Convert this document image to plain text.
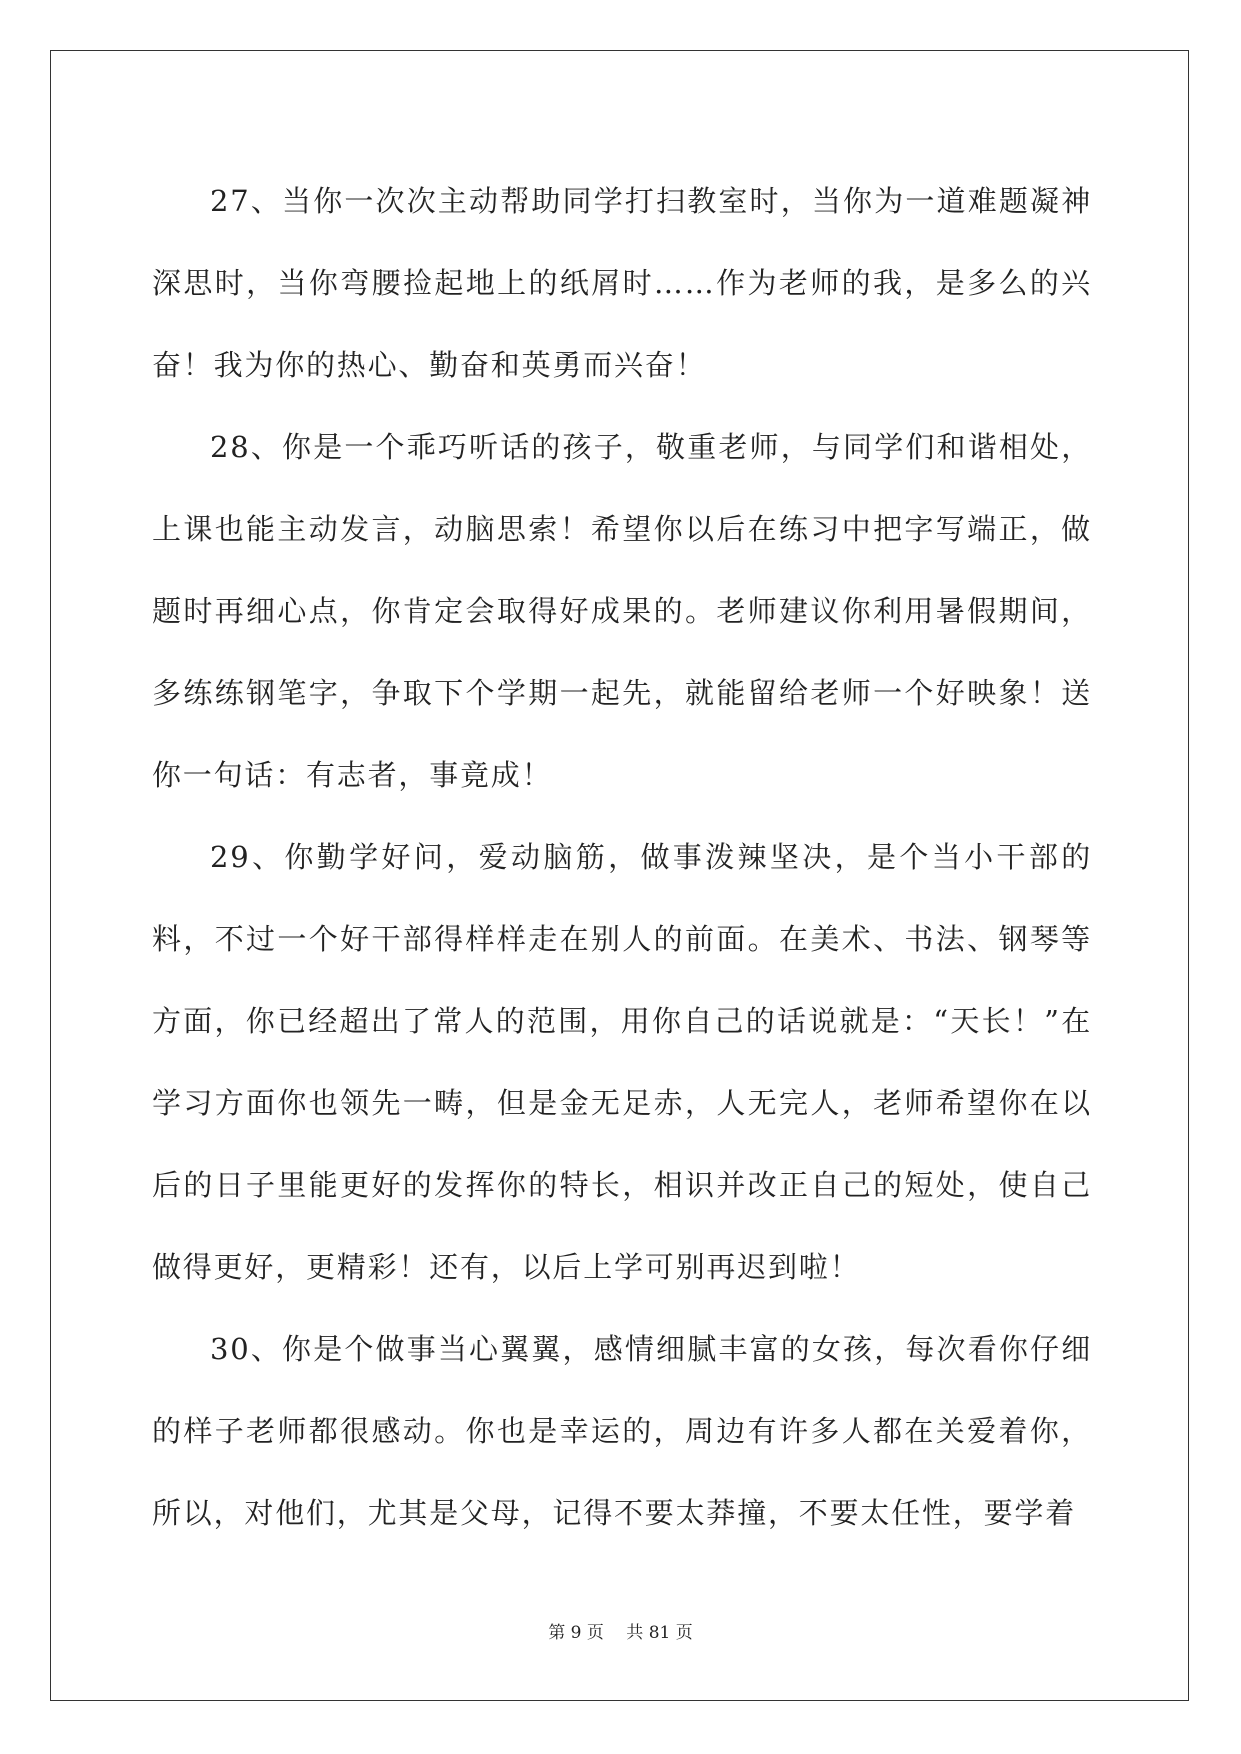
27、当你一次次主动帮助同学打扫教室时，当你为一道难题凝神深思时，当你弯腰捡起地上的纸屑时……作为老师的我，是多么的兴奋！我为你的热心、勤奋和英勇而兴奋！

28、你是一个乖巧听话的孩子，敬重老师，与同学们和谐相处，上课也能主动发言，动脑思索！希望你以后在练习中把字写端正，做题时再细心点，你肯定会取得好成果的。老师建议你利用暑假期间，多练练钢笔字，争取下个学期一起先，就能留给老师一个好映象！送你一句话：有志者，事竟成！

29、你勤学好问，爱动脑筋，做事泼辣坚决，是个当小干部的料，不过一个好干部得样样走在别人的前面。在美术、书法、钢琴等方面，你已经超出了常人的范围，用你自己的话说就是：“天长！”在学习方面你也领先一畴，但是金无足赤，人无完人，老师希望你在以后的日子里能更好的发挥你的特长，相识并改正自己的短处，使自己做得更好，更精彩！还有，以后上学可别再迟到啦！

30、你是个做事当心翼翼，感情细腻丰富的女孩，每次看你仔细的样子老师都很感动。你也是幸运的，周边有许多人都在关爱着你，所以，对他们，尤其是父母，记得不要太莽撞，不要太任性，要学着

第 9 页　 共 81 页
